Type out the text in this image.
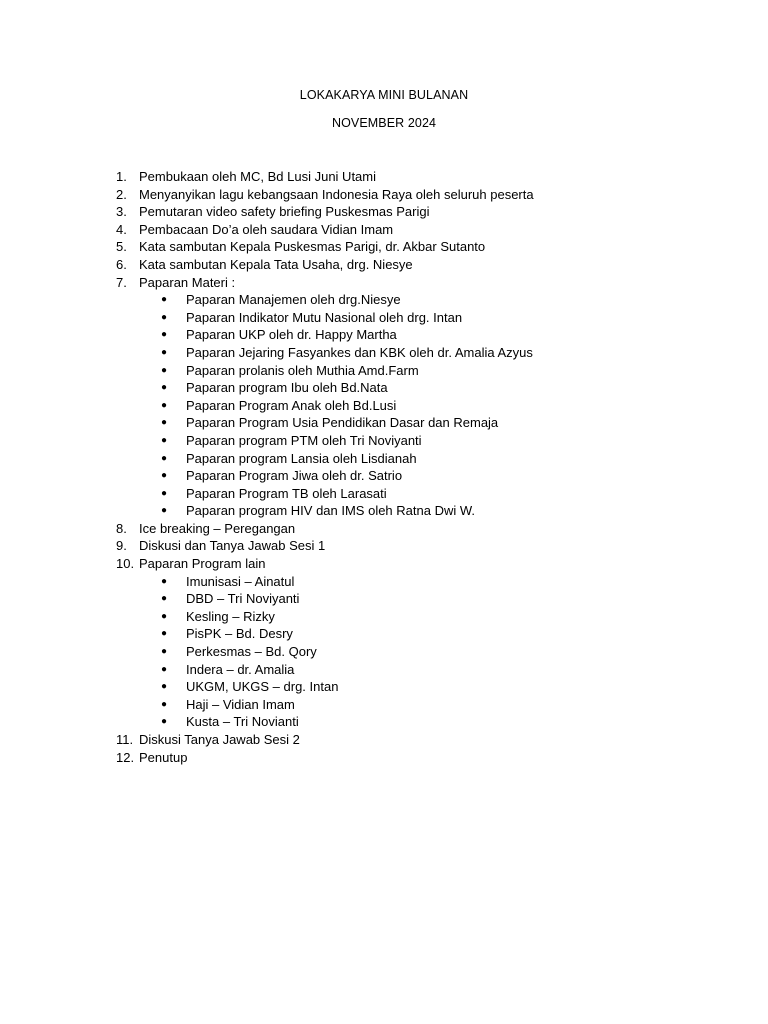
LOKAKARYA MINI BULANAN
NOVEMBER 2024
1. Pembukaan oleh MC, Bd Lusi Juni Utami
2. Menyanyikan lagu kebangsaan Indonesia Raya oleh seluruh peserta
3. Pemutaran video safety briefing Puskesmas Parigi
4. Pembacaan Do’a oleh saudara Vidian Imam
5. Kata sambutan Kepala Puskesmas Parigi, dr. Akbar Sutanto
6. Kata sambutan Kepala Tata Usaha, drg. Niesye
7. Paparan Materi :
● Paparan Manajemen oleh drg.Niesye
● Paparan Indikator Mutu Nasional oleh drg. Intan
● Paparan UKP oleh dr. Happy Martha
● Paparan Jejaring Fasyankes dan KBK oleh dr. Amalia Azyus
● Paparan prolanis oleh Muthia Amd.Farm
● Paparan program Ibu oleh Bd.Nata
● Paparan Program Anak oleh Bd.Lusi
● Paparan Program Usia Pendidikan Dasar dan Remaja
● Paparan program PTM oleh Tri Noviyanti
● Paparan program Lansia oleh Lisdianah
● Paparan Program Jiwa oleh dr. Satrio
● Paparan Program TB oleh Larasati
● Paparan program HIV dan IMS oleh Ratna Dwi W.
8. Ice breaking – Peregangan
9. Diskusi dan Tanya Jawab Sesi 1
10. Paparan Program lain
● Imunisasi – Ainatul
● DBD – Tri Noviyanti
● Kesling – Rizky
● PisPK – Bd. Desry
● Perkesmas – Bd. Qory
● Indera – dr. Amalia
● UKGM, UKGS – drg. Intan
● Haji – Vidian Imam
● Kusta – Tri Novianti
11. Diskusi Tanya Jawab Sesi 2
12. Penutup
